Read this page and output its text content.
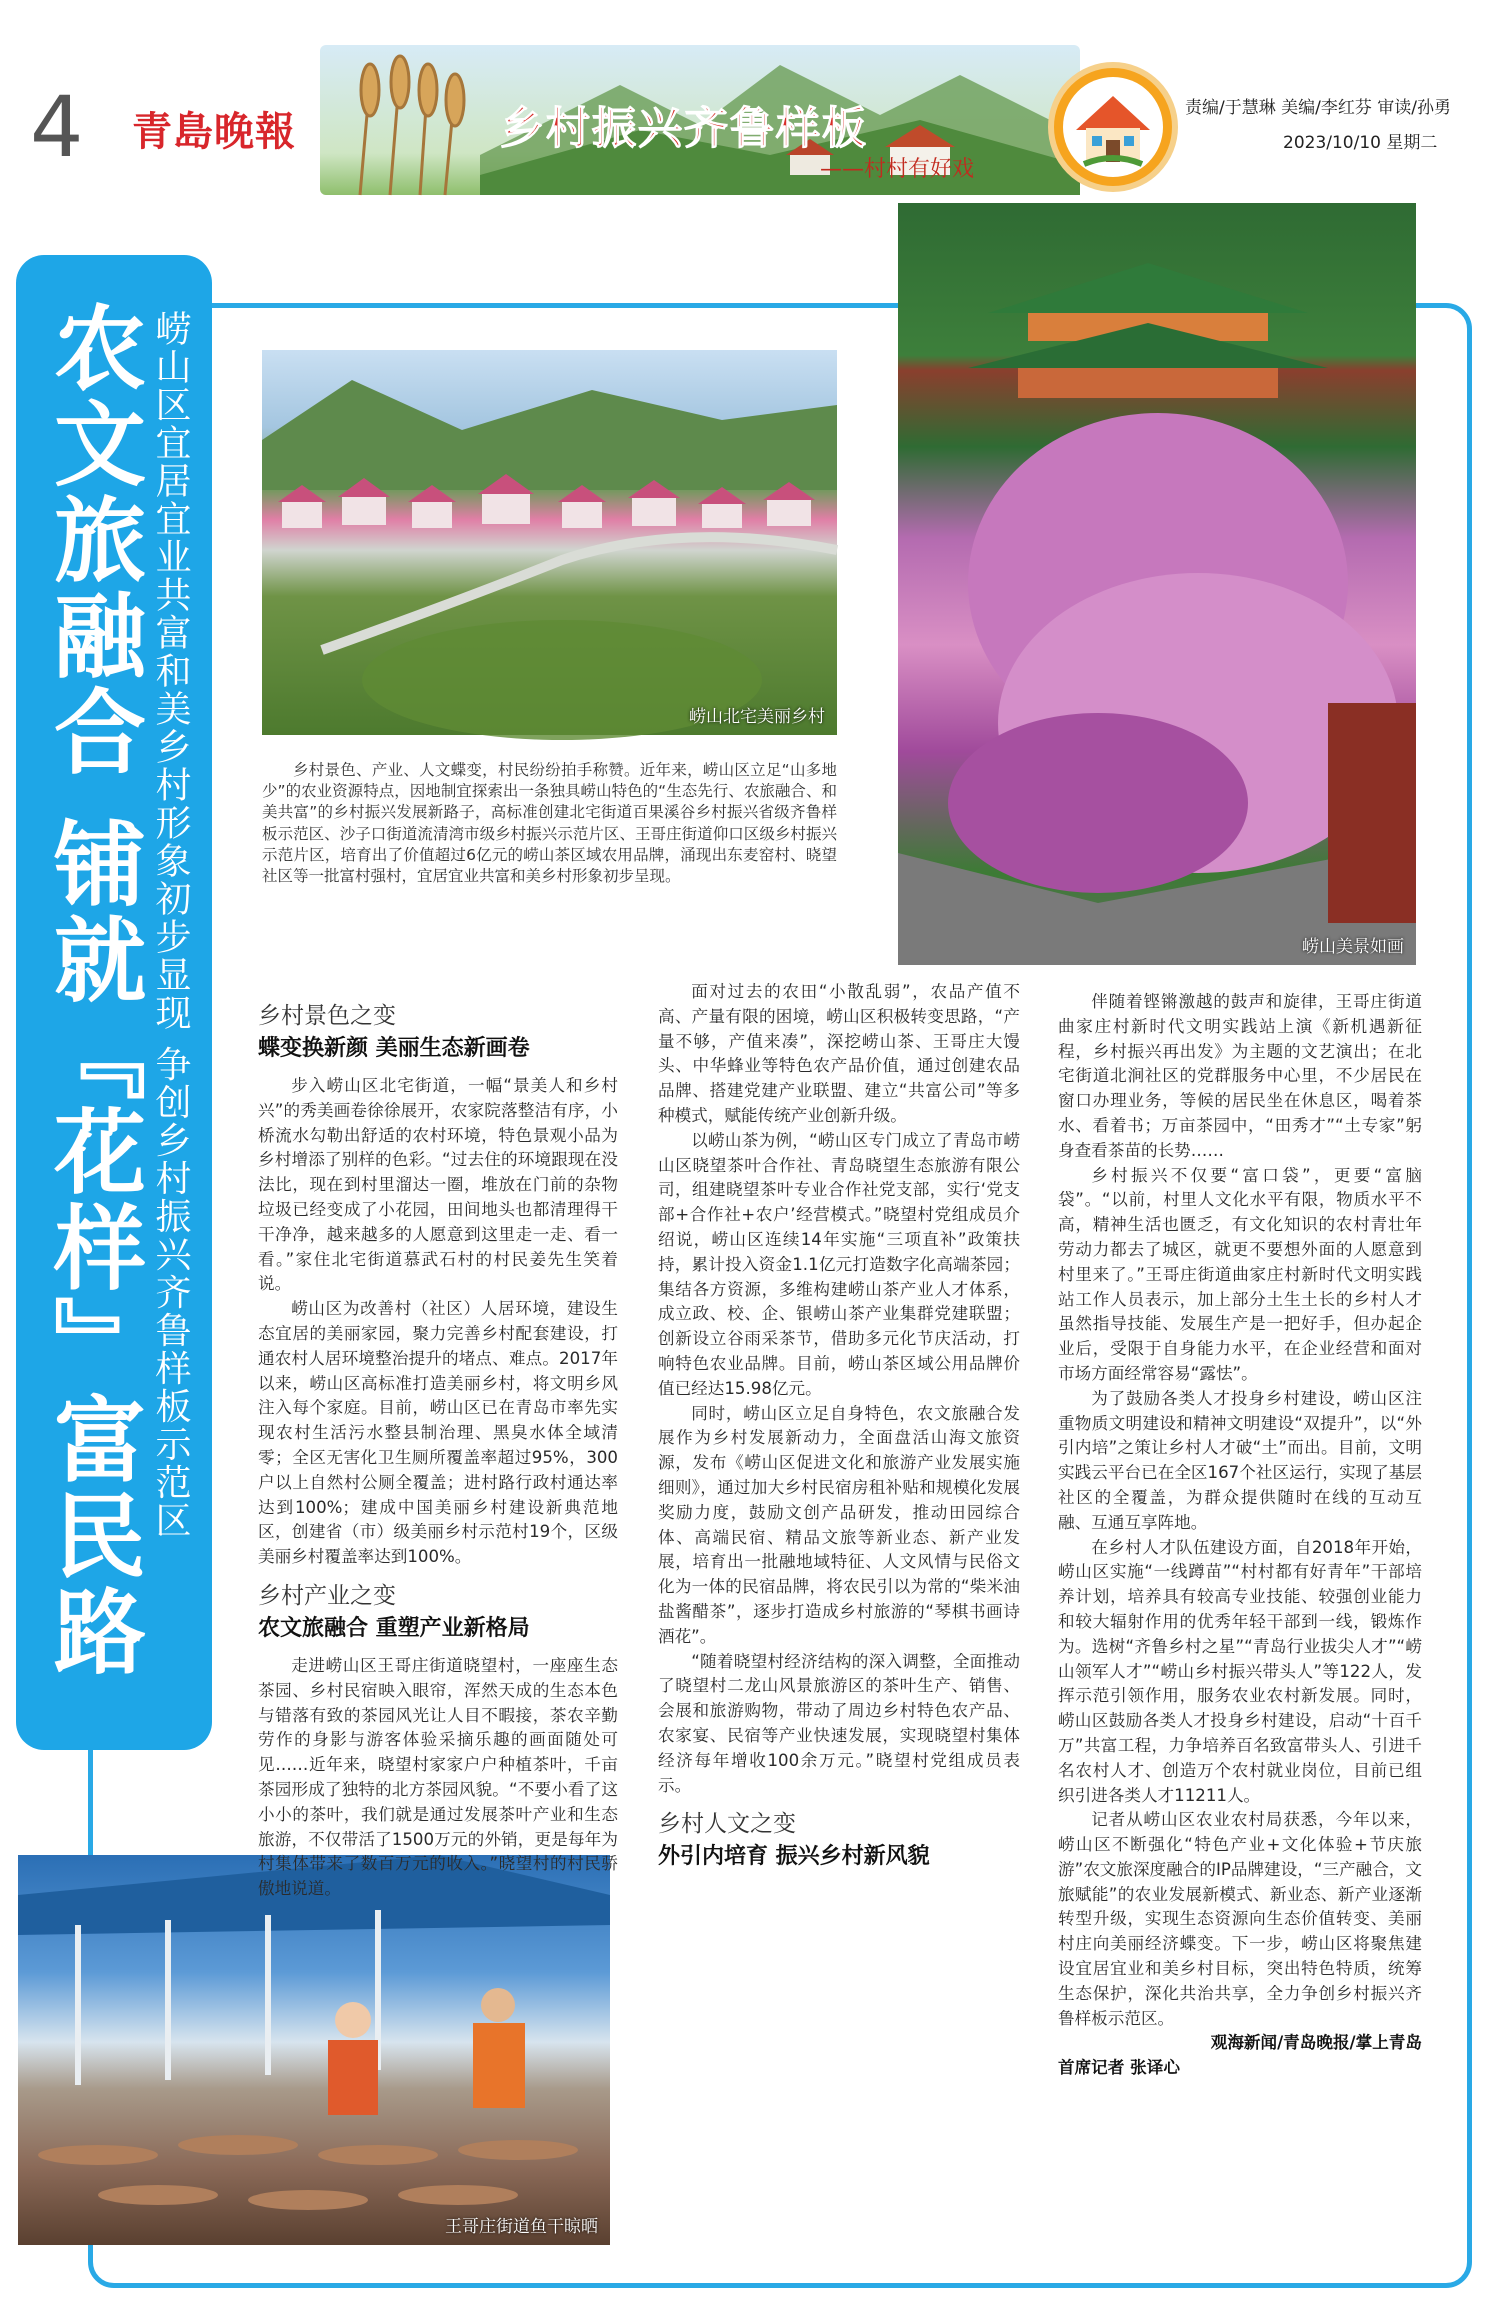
4 青島晚報	乡村振兴齐鲁样板
——村村有好戏
责编/于慧琳 美编/李红芬 审读/孙勇
2023/10/10 星期二
农文旅融合 铺就『花样』富民路 崂山区宜居宜业共富和美乡村形象初步显现 争创乡村振兴齐鲁样板示范区	崂山北宅美丽乡村
崂山美景如画
王哥庄街道鱼干晾晒
乡村景色、产业、人文蝶变，村民纷纷拍手称赞。近年来，崂山区立足“山多地少”的农业资源特点，因地制宜探索出一条独具崂山特色的“生态先行、农旅融合、和美共富”的乡村振兴发展新路子，高标准创建北宅街道百果溪谷乡村振兴省级齐鲁样板示范区、沙子口街道流清湾市级乡村振兴示范片区、王哥庄街道仰口区级乡村振兴示范片区，培育出了价值超过6亿元的崂山茶区域农用品牌，涌现出东麦窑村、晓望社区等一批富村强村，宜居宜业共富和美乡村形象初步呈现。
乡村景色之变
蝶变换新颜 美丽生态新画卷

步入崂山区北宅街道，一幅“景美人和乡村兴”的秀美画卷徐徐展开，农家院落整洁有序，小桥流水勾勒出舒适的农村环境，特色景观小品为乡村增添了别样的色彩。“过去住的环境跟现在没法比，现在到村里溜达一圈，堆放在门前的杂物垃圾已经变成了小花园，田间地头也都清理得干干净净，越来越多的人愿意到这里走一走、看一看。”家住北宅街道慕武石村的村民姜先生笑着说。

崂山区为改善村（社区）人居环境，建设生态宜居的美丽家园，聚力完善乡村配套建设，打通农村人居环境整治提升的堵点、难点。2017年以来，崂山区高标准打造美丽乡村，将文明乡风注入每个家庭。目前，崂山区已在青岛市率先实现农村生活污水整县制治理、黑臭水体全域清零；全区无害化卫生厕所覆盖率超过95%，300户以上自然村公厕全覆盖；进村路行政村通达率达到100%；建成中国美丽乡村建设新典范地区，创建省（市）级美丽乡村示范村19个，区级美丽乡村覆盖率达到100%。

乡村产业之变
农文旅融合 重塑产业新格局

走进崂山区王哥庄街道晓望村，一座座生态茶园、乡村民宿映入眼帘，浑然天成的生态本色与错落有致的茶园风光让人目不暇接，茶农辛勤劳作的身影与游客体验采摘乐趣的画面随处可见……近年来，晓望村家家户户种植茶叶，千亩茶园形成了独特的北方茶园风貌。“不要小看了这小小的茶叶，我们就是通过发展茶叶产业和生态旅游，不仅带活了1500万元的外销，更是每年为村集体带来了数百万元的收入。”晓望村的村民骄傲地说道。

面对过去的农田“小散乱弱”，农品产值不高、产量有限的困境，崂山区积极转变思路，“产量不够，产值来凑”，深挖崂山茶、王哥庄大馒头、中华蜂业等特色农产品价值，通过创建农品品牌、搭建党建产业联盟、建立“共富公司”等多种模式，赋能传统产业创新升级。

以崂山茶为例，“崂山区专门成立了青岛市崂山区晓望茶叶合作社、青岛晓望生态旅游有限公司，组建晓望茶叶专业合作社党支部，实行‘党支部+合作社+农户’经营模式。”晓望村党组成员介绍说，崂山区连续14年实施“三项直补”政策扶持，累计投入资金1.1亿元打造数字化高端茶园；集结各方资源，多维构建崂山茶产业人才体系，成立政、校、企、银崂山茶产业集群党建联盟；创新设立谷雨采茶节，借助多元化节庆活动，打响特色农业品牌。目前，崂山茶区域公用品牌价值已经达15.98亿元。

同时，崂山区立足自身特色，农文旅融合发展作为乡村发展新动力，全面盘活山海文旅资源，发布《崂山区促进文化和旅游产业发展实施细则》，通过加大乡村民宿房租补贴和规模化发展奖励力度，鼓励文创产品研发，推动田园综合体、高端民宿、精品文旅等新业态、新产业发展，培育出一批融地域特征、人文风情与民俗文化为一体的民宿品牌，将农民引以为常的“柴米油盐酱醋茶”，逐步打造成乡村旅游的“琴棋书画诗酒花”。

“随着晓望村经济结构的深入调整，全面推动了晓望村二龙山风景旅游区的茶叶生产、销售、会展和旅游购物，带动了周边乡村特色农产品、农家宴、民宿等产业快速发展，实现晓望村集体经济每年增收100余万元。”晓望村党组成员表示。

乡村人文之变
外引内培育 振兴乡村新风貌

伴随着铿锵激越的鼓声和旋律，王哥庄街道曲家庄村新时代文明实践站上演《新机遇新征程，乡村振兴再出发》为主题的文艺演出；在北宅街道北涧社区的党群服务中心里，不少居民在窗口办理业务，等候的居民坐在休息区，喝着茶水、看着书；万亩茶园中，“田秀才”“土专家”躬身查看茶苗的长势……

乡村振兴不仅要“富口袋”，更要“富脑袋”。“以前，村里人文化水平有限，物质水平不高，精神生活也匮乏，有文化知识的农村青壮年劳动力都去了城区，就更不要想外面的人愿意到村里来了。”王哥庄街道曲家庄村新时代文明实践站工作人员表示，加上部分土生土长的乡村人才虽然指导技能、发展生产是一把好手，但办起企业后，受限于自身能力水平，在企业经营和面对市场方面经常容易“露怯”。

为了鼓励各类人才投身乡村建设，崂山区注重物质文明建设和精神文明建设“双提升”，以“外引内培”之策让乡村人才破“土”而出。目前，文明实践云平台已在全区167个社区运行，实现了基层社区的全覆盖，为群众提供随时在线的互动互融、互通互享阵地。

在乡村人才队伍建设方面，自2018年开始，崂山区实施“一线蹲苗”“村村都有好青年”干部培养计划，培养具有较高专业技能、较强创业能力和较大辐射作用的优秀年轻干部到一线，锻炼作为。选树“齐鲁乡村之星”“青岛行业拔尖人才”“崂山领军人才”“崂山乡村振兴带头人”等122人，发挥示范引领作用，服务农业农村新发展。同时，崂山区鼓励各类人才投身乡村建设，启动“十百千万”共富工程，力争培养百名致富带头人、引进千名农村人才、创造万个农村就业岗位，目前已组织引进各类人才11211人。

记者从崂山区农业农村局获悉，今年以来，崂山区不断强化“特色产业+文化体验+节庆旅游”农文旅深度融合的IP品牌建设，“三产融合，文旅赋能”的农业发展新模式、新业态、新产业逐渐转型升级，实现生态资源向生态价值转变、美丽村庄向美丽经济蝶变。下一步，崂山区将聚焦建设宜居宜业和美乡村目标，突出特色特质，统筹生态保护，深化共治共享，全力争创乡村振兴齐鲁样板示范区。

观海新闻/青岛晚报/掌上青岛
首席记者 张译心
